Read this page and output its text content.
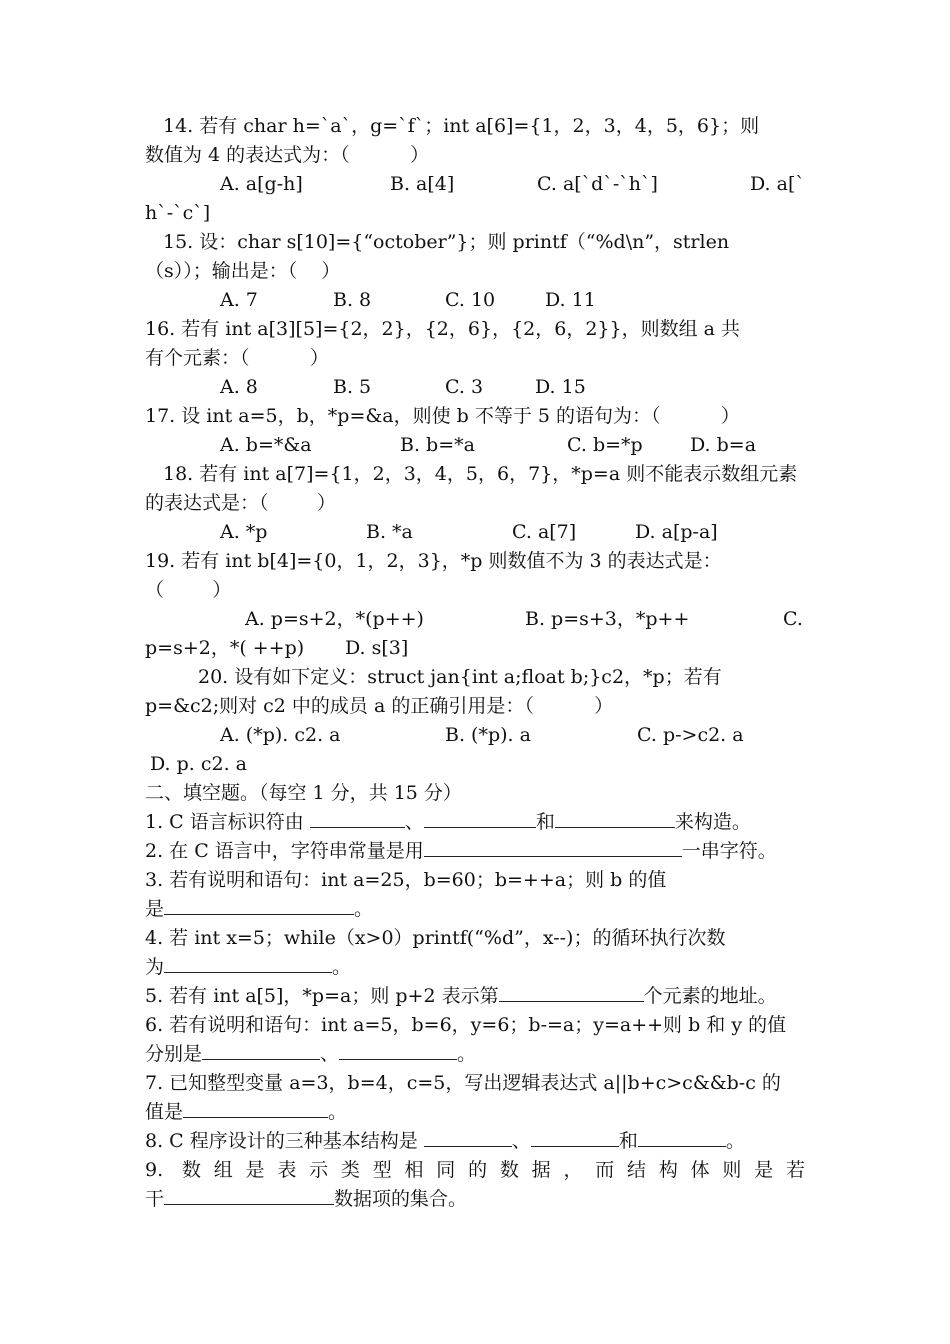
14. 若有 char h=`a`，g=`f`；int a[6]={1，2，3，4，5，6}；则
数值为 4 的表达式为：（          ）
A. a[g-h]	B. a[4]	C. a[`d`-`h`]	D. a[`
h`-`c`]
15. 设：char s[10]={“october”}；则 printf（“%d\n”，strlen
（s））；输出是：（    ）
A. 7	B. 8	C. 10	D. 11
16. 若有 int a[3][5]={2，2}，{2，6}，{2，6，2}}，则数组 a 共
有个元素：（          ）
A. 8	B. 5	C. 3	D. 15
17. 设 int a=5，b，*p=&a，则使 b 不等于 5 的语句为：（          ）
A. b=*&a	B. b=*a	C. b=*p D. b=a
18. 若有 int a[7]={1，2，3，4，5，6，7}，*p=a 则不能表示数组元素
的表达式是：（        ）
A. *p	B. *a	C. a[7]	D. a[p-a]
19. 若有 int b[4]={0，1，2，3}，*p 则数值不为 3 的表达式是：
（        ）
A. p=s+2，*(p++)	B. p=s+3，*p++	C.
p=s+2，*( ++p) D. s[3]
20. 设有如下定义：struct jan{int a;float b;}c2，*p；若有
p=&c2;则对 c2 中的成员 a 的正确引用是：（          ）
A. (*p). c2. a	B. (*p). a	C. p->c2. a
D. p. c2. a
二、填空题。（每空 1 分，共 15 分）
1. C 语言标识符由	、	和	来构造。
2. 在 C 语言中，字符串常量是用	一串字符。
3. 若有说明和语句：int a=25，b=60；b=++a；则 b 的值
是	。
4. 若 int x=5；while（x>0）printf(“%d”，x--)；的循环执行次数
为	。
5. 若有 int a[5]，*p=a；则 p+2 表示第	个元素的地址。
6. 若有说明和语句：int a=5，b=6，y=6；b-=a；y=a++则 b 和 y 的值
分别是	、	。
7. 已知整型变量 a=3，b=4，c=5，写出逻辑表达式 a||b+c>c&&b-c 的
值是	。
8. C 程序设计的三种基本结构是	、	和	。
9. 数组是表示类型相同的数据，而结构体则是若
干	数据项的集合。
